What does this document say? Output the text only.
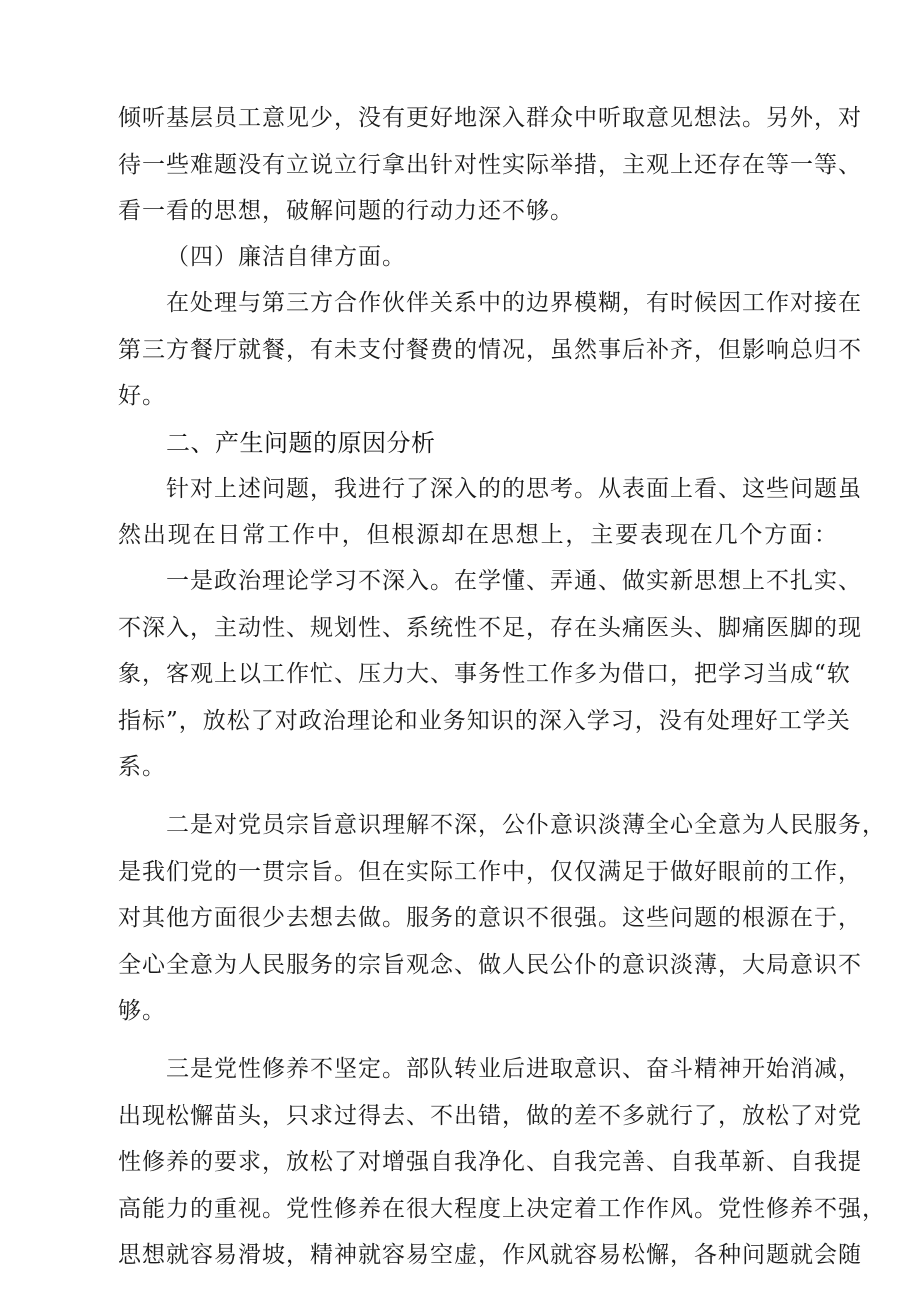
倾听基层员工意见少，没有更好地深入群众中听取意见想法。另外，对
待一些难题没有立说立行拿出针对性实际举措，主观上还存在等一等、
看一看的思想，破解问题的行动力还不够。
（四）廉洁自律方面。
在处理与第三方合作伙伴关系中的边界模糊，有时候因工作对接在
第三方餐厅就餐，有未支付餐费的情况，虽然事后补齐，但影响总归不
好。
二、产生问题的原因分析
针对上述问题，我进行了深入的的思考。从表面上看、这些问题虽
然出现在日常工作中，但根源却在思想上，主要表现在几个方面：
一是政治理论学习不深入。在学懂、弄通、做实新思想上不扎实、
不深入，主动性、规划性、系统性不足，存在头痛医头、脚痛医脚的现
象，客观上以工作忙、压力大、事务性工作多为借口，把学习当成“软
指标”，放松了对政治理论和业务知识的深入学习，没有处理好工学关
系。
二是对党员宗旨意识理解不深，公仆意识淡薄全心全意为人民服务，
是我们党的一贯宗旨。但在实际工作中，仅仅满足于做好眼前的工作，
对其他方面很少去想去做。服务的意识不很强。这些问题的根源在于，
全心全意为人民服务的宗旨观念、做人民公仆的意识淡薄，大局意识不
够。
三是党性修养不坚定。部队转业后进取意识、奋斗精神开始消减，
出现松懈苗头，只求过得去、不出错，做的差不多就行了，放松了对党
性修养的要求，放松了对增强自我净化、自我完善、自我革新、自我提
高能力的重视。党性修养在很大程度上决定着工作作风。党性修养不强，
思想就容易滑坡，精神就容易空虚，作风就容易松懈，各种问题就会随
